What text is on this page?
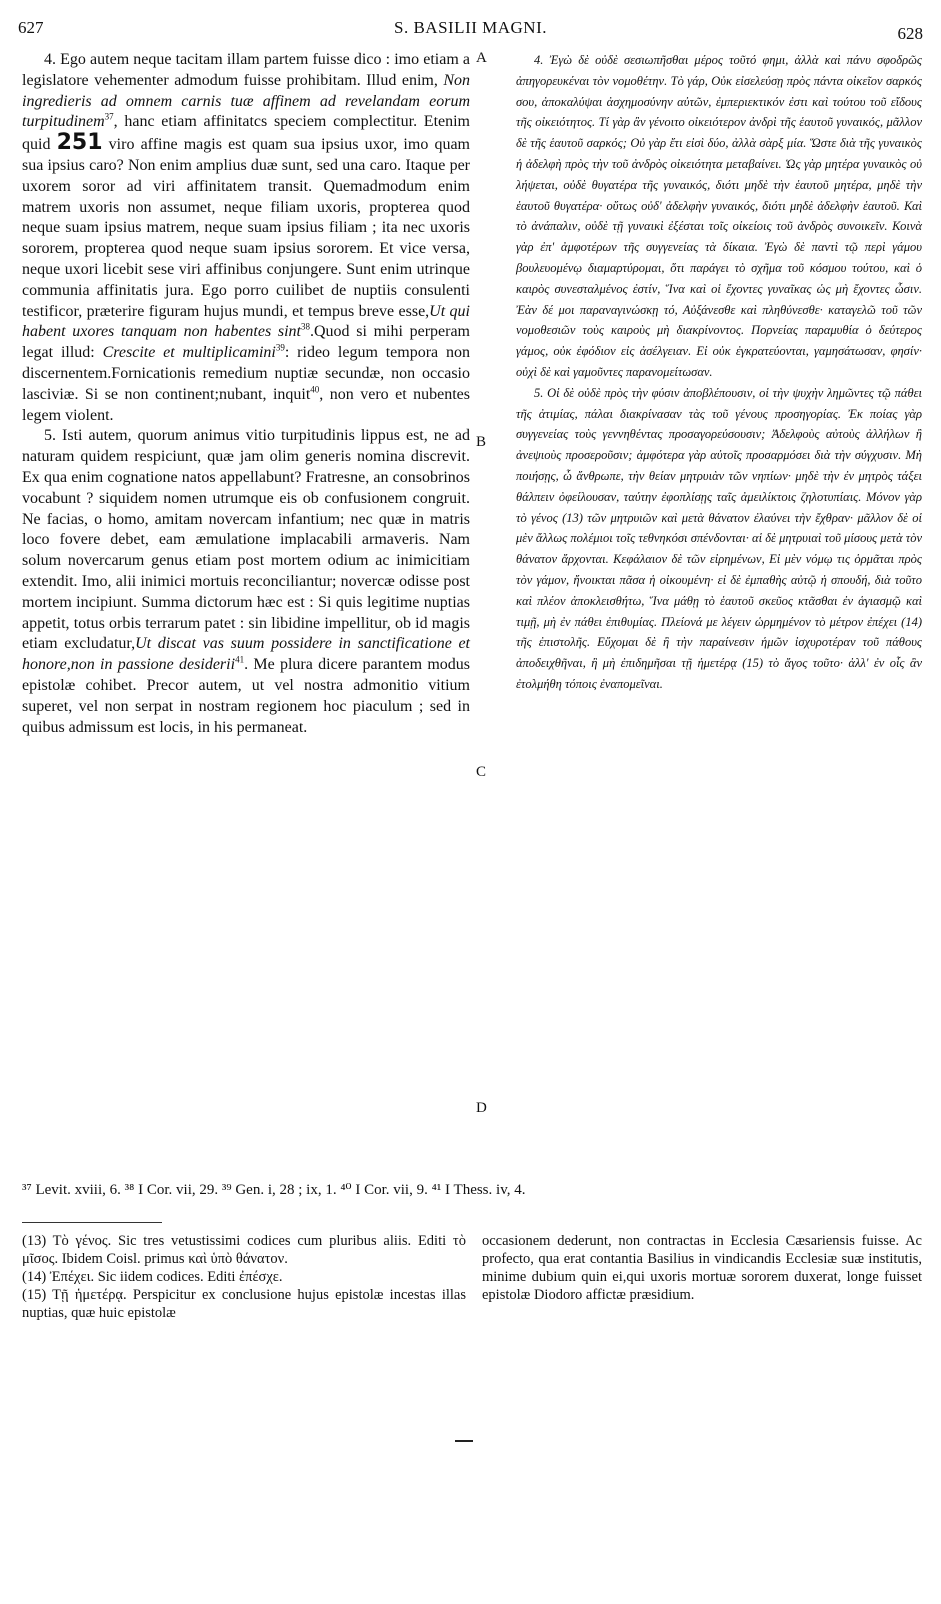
627	S. BASILII MAGNI.	628

4. Ego autem neque tacitam illam partem fuisse dico : imo etiam a legislatore vehementer admodum fuisse prohibitam. Illud enim, Non ingredieris ad omnem carnis tuæ affinem ad revelandam eorum turpitudinem$^{37}$, hanc etiam affinitatcs speciem complectitur. Etenim quid 251 viro affine magis est quam sua ipsius uxor, imo quam sua ipsius caro? Non enim amplius duæ sunt, sed una caro. Itaque per uxorem soror ad viri affinitatem transit. Quemadmodum enim matrem uxoris non assumet, neque filiam uxoris, propterea quod neque suam ipsius matrem, neque suam ipsius filiam ; ita nec uxoris sororem, propterea quod neque suam ipsius sororem. Et vice versa, neque uxori licebit sese viri affinibus conjungere. Sunt enim utrinque communia affinitatis jura. Ego porro cuilibet de nuptiis consulenti testificor, præterire figuram hujus mundi, et tempus breve esse,Ut qui habent uxores tanquam non habentes sint$^{38}$.Quod si mihi perperam legat illud: Crescite et multiplicamini$^{39}$: rideo legum tempora non discernentem.Fornicationis remedium nuptiæ secundæ, non occasio lasciviæ. Si se non continent;nubant, inquit$^{40}$, non vero et nubentes legem violent.

5. Isti autem, quorum animus vitio turpitudinis lippus est, ne ad naturam quidem respiciunt, quæ jam olim generis nomina discrevit. Ex qua enim cognatione natos appellabunt? Fratresne, an consobrinos vocabunt ? siquidem nomen utrumque eis ob confusionem congruit. Ne facias, o homo, amitam novercam infantium; nec quæ in matris loco fovere debet, eam æmulatione implacabili armaveris. Nam solum novercarum genus etiam post mortem odium ac inimicitiam extendit. Imo, alii inimici mortuis reconciliantur; novercæ odisse post mortem incipiunt. Summa dictorum hæc est : Si quis legitime nuptias appetit, totus orbis terrarum patet : sin libidine impellitur, ob id magis etiam excludatur,Ut discat vas suum possidere in sanctificatione et honore,non in passione desiderii$^{41}$. Me plura dicere parantem modus epistolæ cohibet. Precor autem, ut vel nostra admonitio vitium superet, vel non serpat in nostram regionem hoc piaculum ; sed in quibus admissum est locis, in his permaneat.

A
B
C
D

4. Ἐγὼ δὲ οὐδὲ σεσιωπῆσθαι μέρος τοῦτό φημι, ἀλλὰ καὶ πάνυ σφοδρῶς ἀπηγορευκέναι τὸν νομοθέτην. Τὸ γάρ, Οὐκ εἰσελεύσῃ πρὸς πάντα οἰκεῖον σαρκός σου, ἀποκαλύψαι ἀσχημοσύνην αὐτῶν, ἐμπεριεκτικόν ἐστι καὶ τούτου τοῦ εἴδους τῆς οἰκειότητος. Τί γὰρ ἂν γένοιτο οἰκειότερον ἀνδρὶ τῆς ἑαυτοῦ γυναικός, μᾶλλον δὲ τῆς ἑαυτοῦ σαρκός; Οὐ γὰρ ἔτι εἰσὶ δύο, ἀλλὰ σὰρξ μία. Ὥστε διὰ τῆς γυναικὸς ἡ ἀδελφὴ πρὸς τὴν τοῦ ἀνδρὸς οἰκειότητα μεταβαίνει. Ὡς γὰρ μητέρα γυναικὸς οὐ λήψεται, οὐδὲ θυγατέρα τῆς γυναικός, διότι μηδὲ τὴν ἑαυτοῦ μητέρα, μηδὲ τὴν ἑαυτοῦ θυγατέρα· οὕτως οὐδ' ἀδελφὴν γυναικός, διότι μηδὲ ἀδελφὴν ἑαυτοῦ. Καὶ τὸ ἀνάπαλιν, οὐδὲ τῇ γυναικὶ ἐξέσται τοῖς οἰκείοις τοῦ ἀνδρὸς συνοικεῖν. Κοινὰ γὰρ ἐπ' ἀμφοτέρων τῆς συγγενείας τὰ δίκαια. Ἐγὼ δὲ παντὶ τῷ περὶ γάμου βουλευομένῳ διαμαρτύρομαι, ὅτι παράγει τὸ σχῆμα τοῦ κόσμου τούτου, καὶ ὁ καιρὸς συνεσταλμένος ἐστίν, Ἵνα καὶ οἱ ἔχοντες γυναῖκας ὡς μὴ ἔχοντες ὦσιν. Ἐὰν δέ μοι παραναγινώσκῃ τό, Αὐξάνεσθε καὶ πληθύνεσθε· καταγελῶ τοῦ τῶν νομοθεσιῶν τοὺς καιροὺς μὴ διακρίνοντος. Πορνείας παραμυθία ὁ δεύτερος γάμος, οὐκ ἐφόδιον εἰς ἀσέλγειαν. Εἰ οὐκ ἐγκρατεύονται, γαμησάτωσαν, φησίν· οὐχὶ δὲ καὶ γαμοῦντες παρανομείτωσαν.

5. Οἱ δὲ οὐδὲ πρὸς τὴν φύσιν ἀποβλέπουσιν, οἱ τὴν ψυχὴν λημῶντες τῷ πάθει τῆς ἀτιμίας, πάλαι διακρίνασαν τὰς τοῦ γένους προσηγορίας. Ἐκ ποίας γὰρ συγγενείας τοὺς γεννηθέντας προσαγορεύσουσιν; Ἀδελφοὺς αὐτοὺς ἀλλήλων ἢ ἀνεψιοὺς προσεροῦσιν; ἀμφότερα γὰρ αὐτοῖς προσαρμόσει διὰ τὴν σύγχυσιν. Μὴ ποιήσῃς, ὦ ἄνθρωπε, τὴν θείαν μητρυιὰν τῶν νηπίων· μηδὲ τὴν ἐν μητρὸς τάξει θάλπειν ὀφείλουσαν, ταύτην ἐφοπλίσῃς ταῖς ἀμειλίκτοις ζηλοτυπίαις. Μόνον γὰρ τὸ γένος (13) τῶν μητρυιῶν καὶ μετὰ θάνατον ἐλαύνει τὴν ἔχθραν· μᾶλλον δὲ οἱ μὲν ἄλλως πολέμιοι τοῖς τεθνηκόσι σπένδονται· αἱ δὲ μητρυιαὶ τοῦ μίσους μετὰ τὸν θάνατον ἄρχονται. Κεφάλαιον δὲ τῶν εἰρημένων, Εἰ μὲν νόμῳ τις ὁρμᾶται πρὸς τὸν γάμον, ἤνοικται πᾶσα ἡ οἰκουμένη· εἰ δὲ ἐμπαθὴς αὐτῷ ἡ σπουδή, διὰ τοῦτο καὶ πλέον ἀποκλεισθήτω, Ἵνα μάθῃ τὸ ἑαυτοῦ σκεῦος κτᾶσθαι ἐν ἁγιασμῷ καὶ τιμῇ, μὴ ἐν πάθει ἐπιθυμίας. Πλείονά με λέγειν ὡρμημένον τὸ μέτρον ἐπέχει (14) τῆς ἐπιστολῆς. Εὔχομαι δὲ ἢ τὴν παραίνεσιν ἡμῶν ἰσχυροτέραν τοῦ πάθους ἀποδειχθῆναι, ἢ μὴ ἐπιδημῆσαι τῇ ἡμετέρᾳ (15) τὸ ἄγος τοῦτο· ἀλλ' ἐν οἷς ἂν ἐτολμήθη τόποις ἐναπομεῖναι.

³⁷ Levit. xviii, 6. ³⁸ I Cor. vii, 29. ³⁹ Gen. i, 28 ; ix, 1. ⁴⁰ I Cor. vii, 9. ⁴¹ I Thess. iv, 4.

(13) Τὸ γένος. Sic tres vetustissimi codices cum pluribus aliis. Editi τὸ μῖσος. Ibidem Coisl. primus καὶ ὑπὸ θάνατον.

(14) Ἐπέχει. Sic iidem codices. Editi ἐπέσχε.

(15) Τῇ ἡμετέρᾳ. Perspicitur ex conclusione hujus epistolæ incestas illas nuptias, quæ huic epistolæ

occasionem dederunt, non contractas in Ecclesia Cæsariensis fuisse. Ac profecto, qua erat contantia Basilius in vindicandis Ecclesiæ suæ institutis, minime dubium quin ei,qui uxoris mortuæ sororem duxerat, longe fuisset epistolæ Diodoro affictæ præsidium.
